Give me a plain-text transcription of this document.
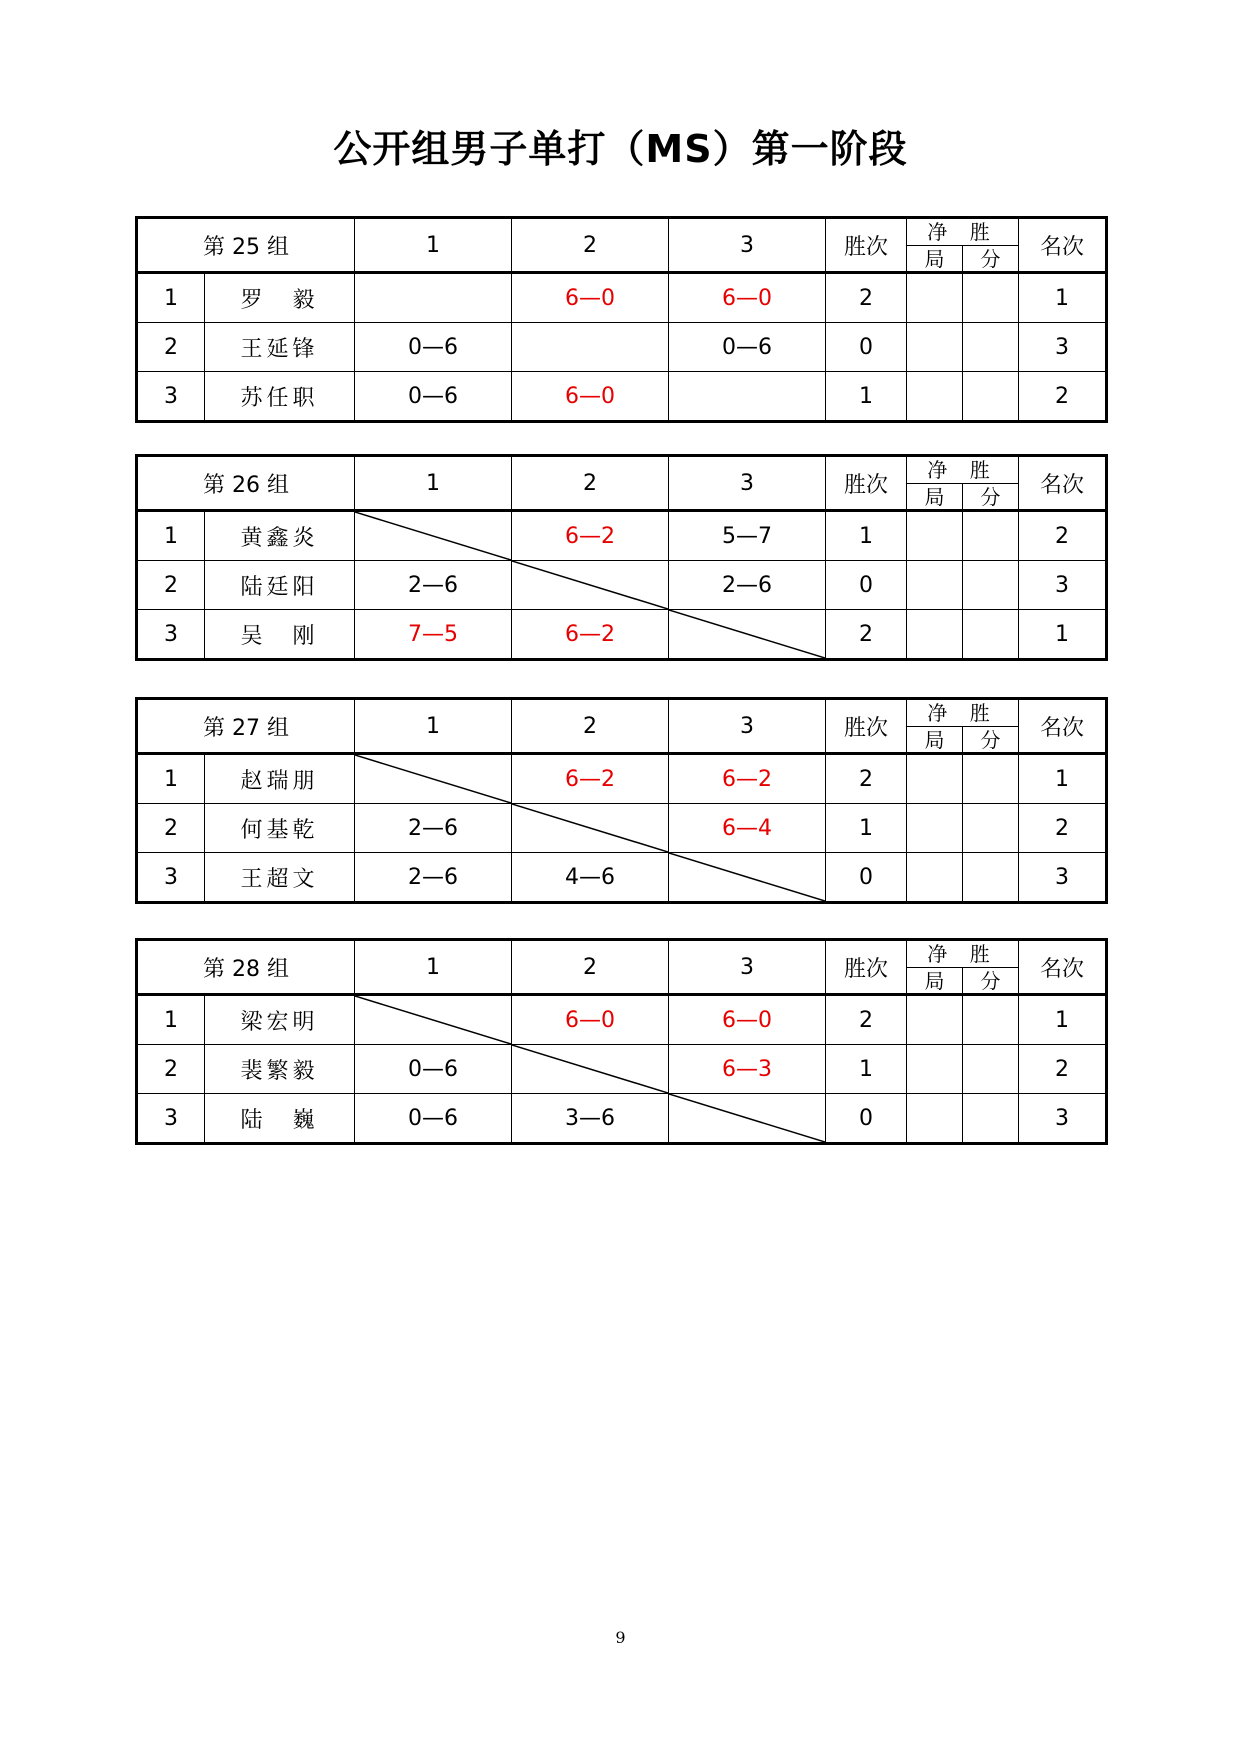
公开组男子单打（MS）第一阶段
第 25 组		1	2	3	胜次	净 胜
局 分		名次
1	罗　毅		6—0	6—0	2			1
2	王延锋	0—6		0—6	0			3
3	苏任职	0—6	6—0		1			2
第 26 组		1	2	3	胜次	净 胜
局 分		名次
1	黄鑫炎		6—2	5—7	1			2
2	陆廷阳	2—6		2—6	0			3
3	吴　刚	7—5	6—2		2			1
第 27 组		1	2	3	胜次	净 胜
局 分		名次
1	赵瑞朋		6—2	6—2	2			1
2	何基乾	2—6		6—4	1			2
3	王超文	2—6	4—6		0			3
第 28 组		1	2	3	胜次	净 胜
局 分		名次
1	梁宏明		6—0	6—0	2			1
2	裴繁毅	0—6		6—3	1			2
3	陆　巍	0—6	3—6		0			3
9
